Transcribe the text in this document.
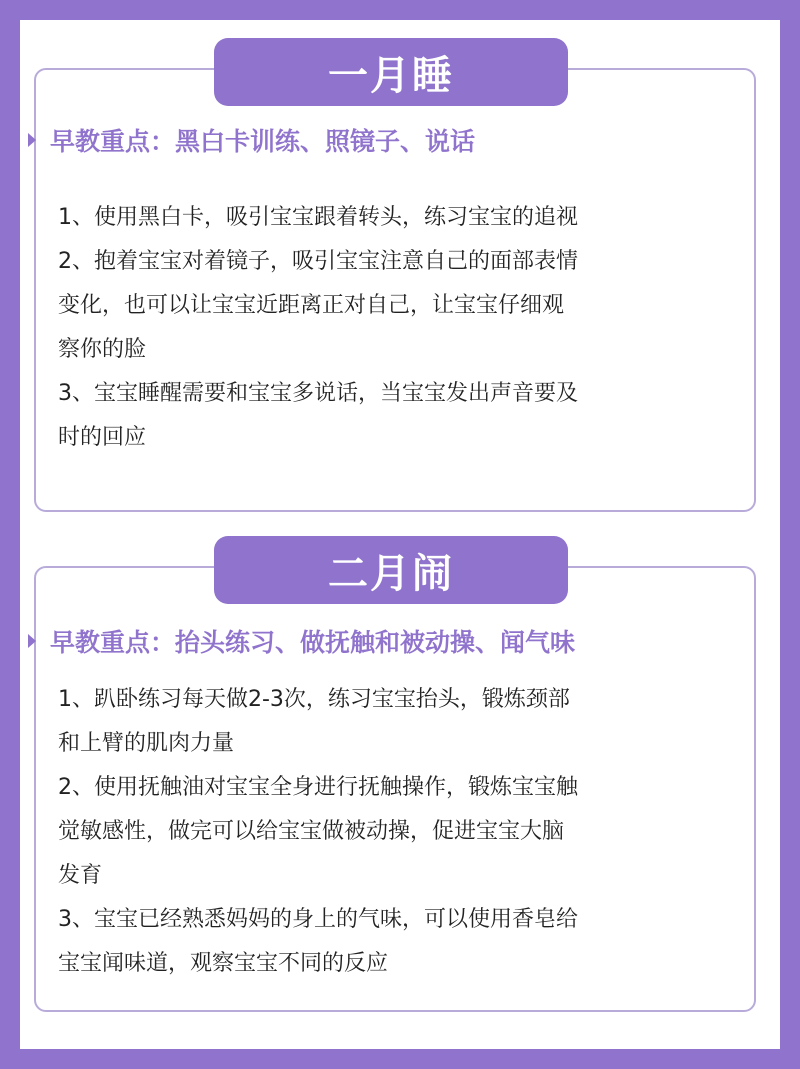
一月睡
早教重点：黑白卡训练、照镜子、说话
1、使用黑白卡，吸引宝宝跟着转头，练习宝宝的追视
2、抱着宝宝对着镜子，吸引宝宝注意自己的面部表情
变化，也可以让宝宝近距离正对自己，让宝宝仔细观
察你的脸
3、宝宝睡醒需要和宝宝多说话，当宝宝发出声音要及
时的回应
二月闹
早教重点：抬头练习、做抚触和被动操、闻气味
1、趴卧练习每天做2-3次，练习宝宝抬头，锻炼颈部
和上臂的肌肉力量
2、使用抚触油对宝宝全身进行抚触操作，锻炼宝宝触
觉敏感性，做完可以给宝宝做被动操，促进宝宝大脑
发育
3、宝宝已经熟悉妈妈的身上的气味，可以使用香皂给
宝宝闻味道，观察宝宝不同的反应
